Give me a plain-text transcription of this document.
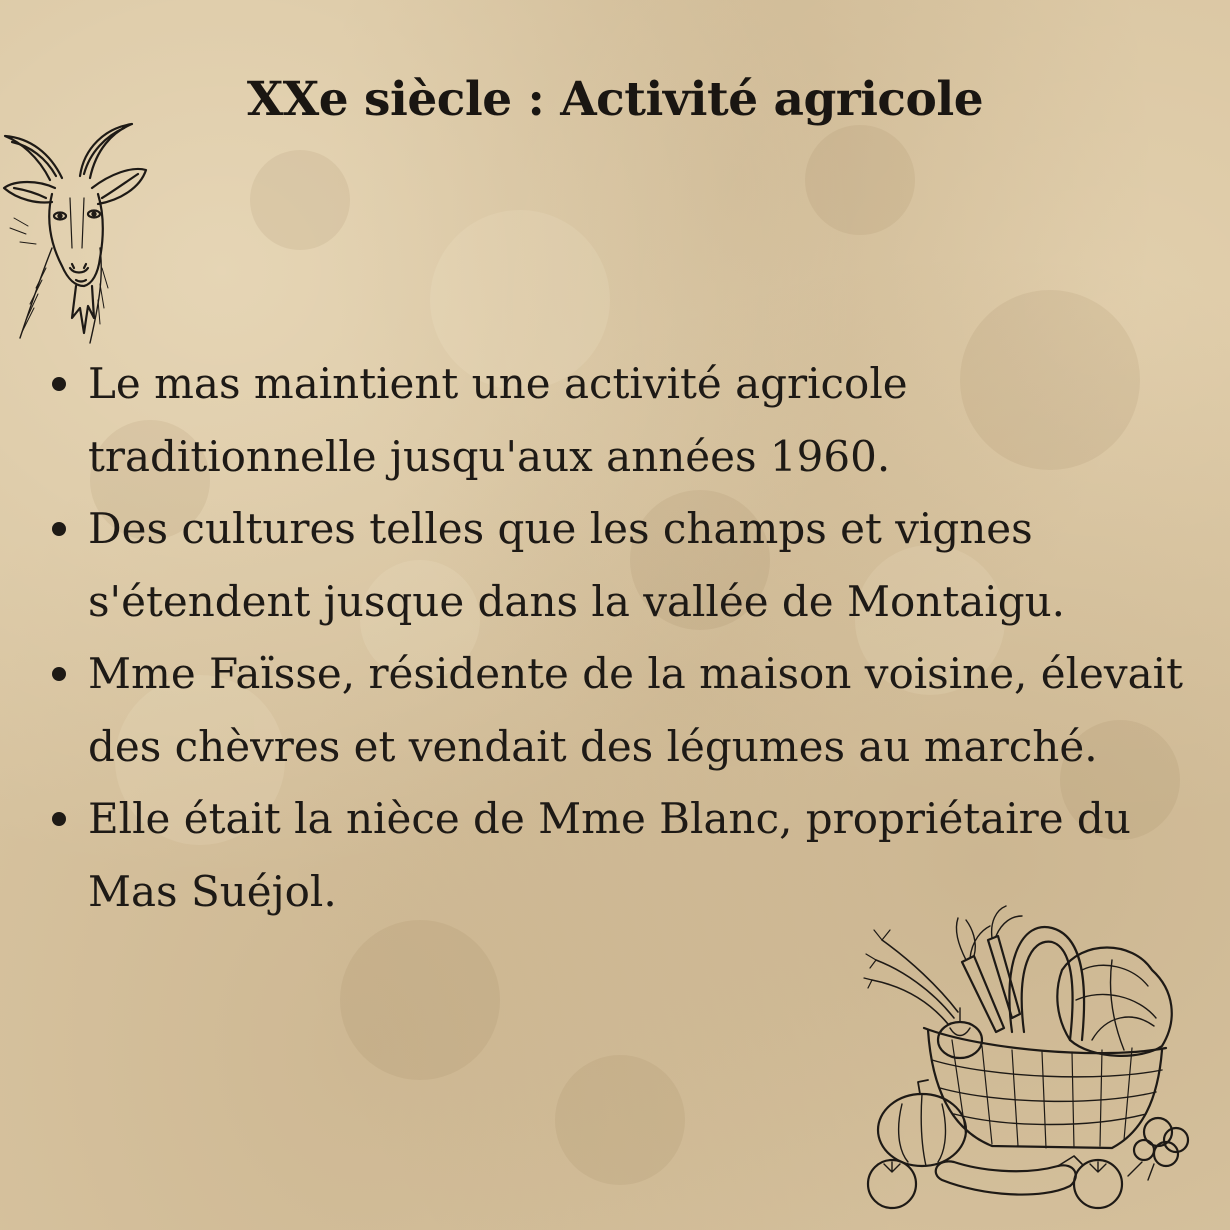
XXe siècle : Activité agricole
Le mas maintient une activité agricole traditionnelle jusqu'aux années 1960.
Des cultures telles que les champs et vignes s'étendent jusque dans la vallée de Montaigu.
Mme Faïsse, résidente de la maison voisine, élevait des chèvres et vendait des légumes au marché.
Elle était la nièce de Mme Blanc, propriétaire du Mas Suéjol.
